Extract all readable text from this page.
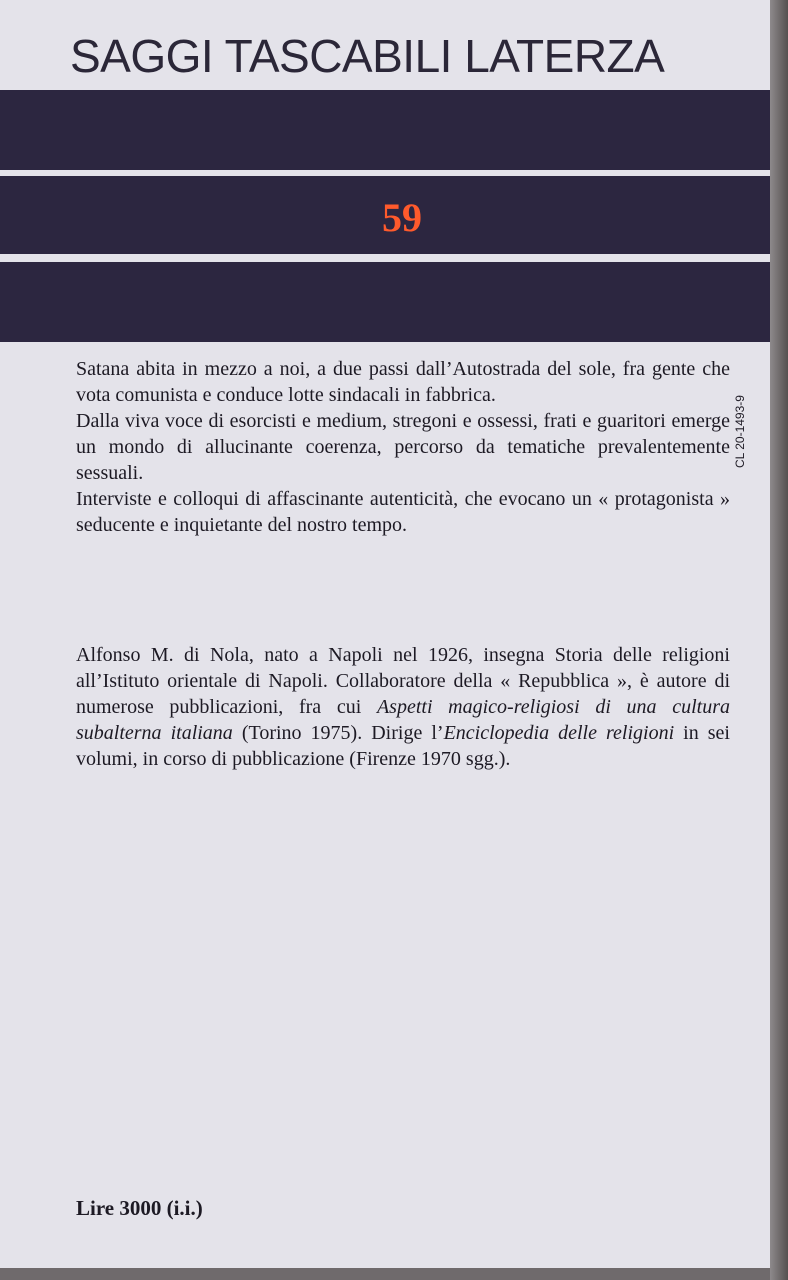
SAGGI TASCABILI LATERZA
59
CL 20-1493-9

Satana abita in mezzo a noi, a due passi dall’Autostrada del sole, fra gente che vota comunista e conduce lotte sindacali in fabbrica.

Dalla viva voce di esorcisti e medium, stregoni e ossessi, frati e guaritori emerge un mondo di allucinante coerenza, percorso da tematiche prevalentemente sessuali.

Interviste e colloqui di affascinante autenticità, che evocano un « protagonista » seducente e inquietante del nostro tempo.

Alfonso M. di Nola, nato a Napoli nel 1926, insegna Storia delle religioni all’Istituto orientale di Napoli. Collaboratore della « Repubblica », è autore di numerose pubblicazioni, fra cui Aspetti magico-religiosi di una cultura subalterna italiana (Torino 1975). Dirige l’Enciclopedia delle religioni in sei volumi, in corso di pubblicazione (Firenze 1970 sgg.).

Lire 3000 (i.i.)
